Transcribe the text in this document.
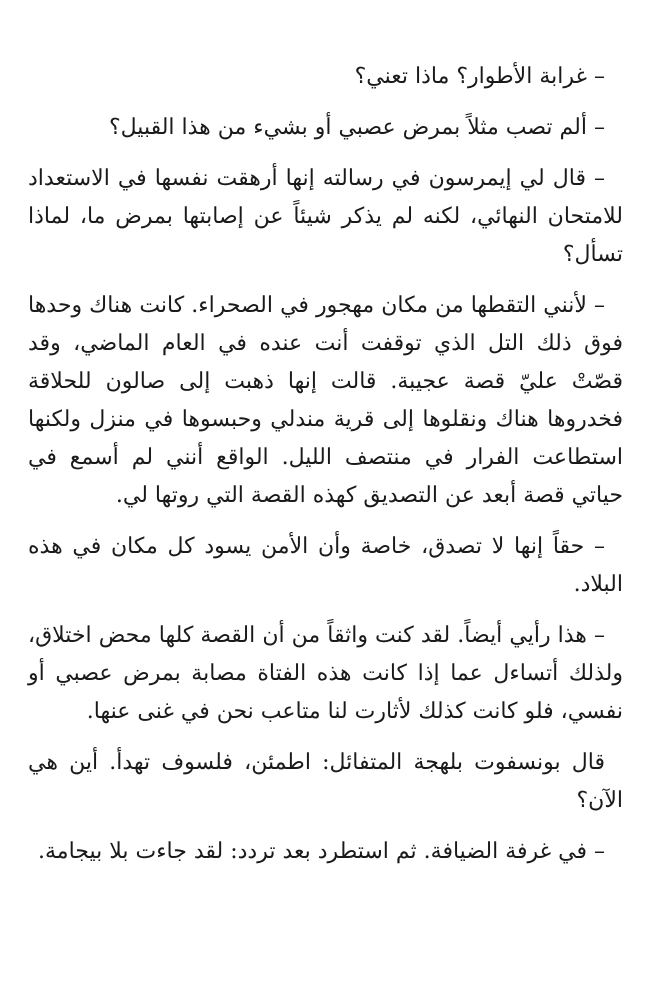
– غرابة الأطوار؟ ماذا تعني؟

– ألم تصب مثلاً بمرض عصبي أو بشيء من هذا القبيل؟

– قال لي إيمرسون في رسالته إنها أرهقت نفسها في الاستعداد للامتحان النهائي، لكنه لم يذكر شيئاً عن إصابتها بمرض ما، لماذا تسأل؟

– لأنني التقطها من مكان مهجور في الصحراء. كانت هناك وحدها فوق ذلك التل الذي توقفت أنت عنده في العام الماضي، وقد قصّتْ عليّ قصة عجيبة. قالت إنها ذهبت إلى صالون للحلاقة فخدروها هناك ونقلوها إلى قرية مندلي وحبسوها في منزل ولكنها استطاعت الفرار في منتصف الليل. الواقع أنني لم أسمع في حياتي قصة أبعد عن التصديق كهذه القصة التي روتها لي.

– حقاً إنها لا تصدق، خاصة وأن الأمن يسود كل مكان في هذه البلاد.

– هذا رأيي أيضاً. لقد كنت واثقاً من أن القصة كلها محض اختلاق، ولذلك أتساءل عما إذا كانت هذه الفتاة مصابة بمرض عصبي أو نفسي، فلو كانت كذلك لأثارت لنا متاعب نحن في غنى عنها.

قال بونسفوت بلهجة المتفائل: اطمئن، فلسوف تهدأ. أين هي الآن؟

– في غرفة الضيافة. ثم استطرد بعد تردد: لقد جاءت بلا بيجامة.
